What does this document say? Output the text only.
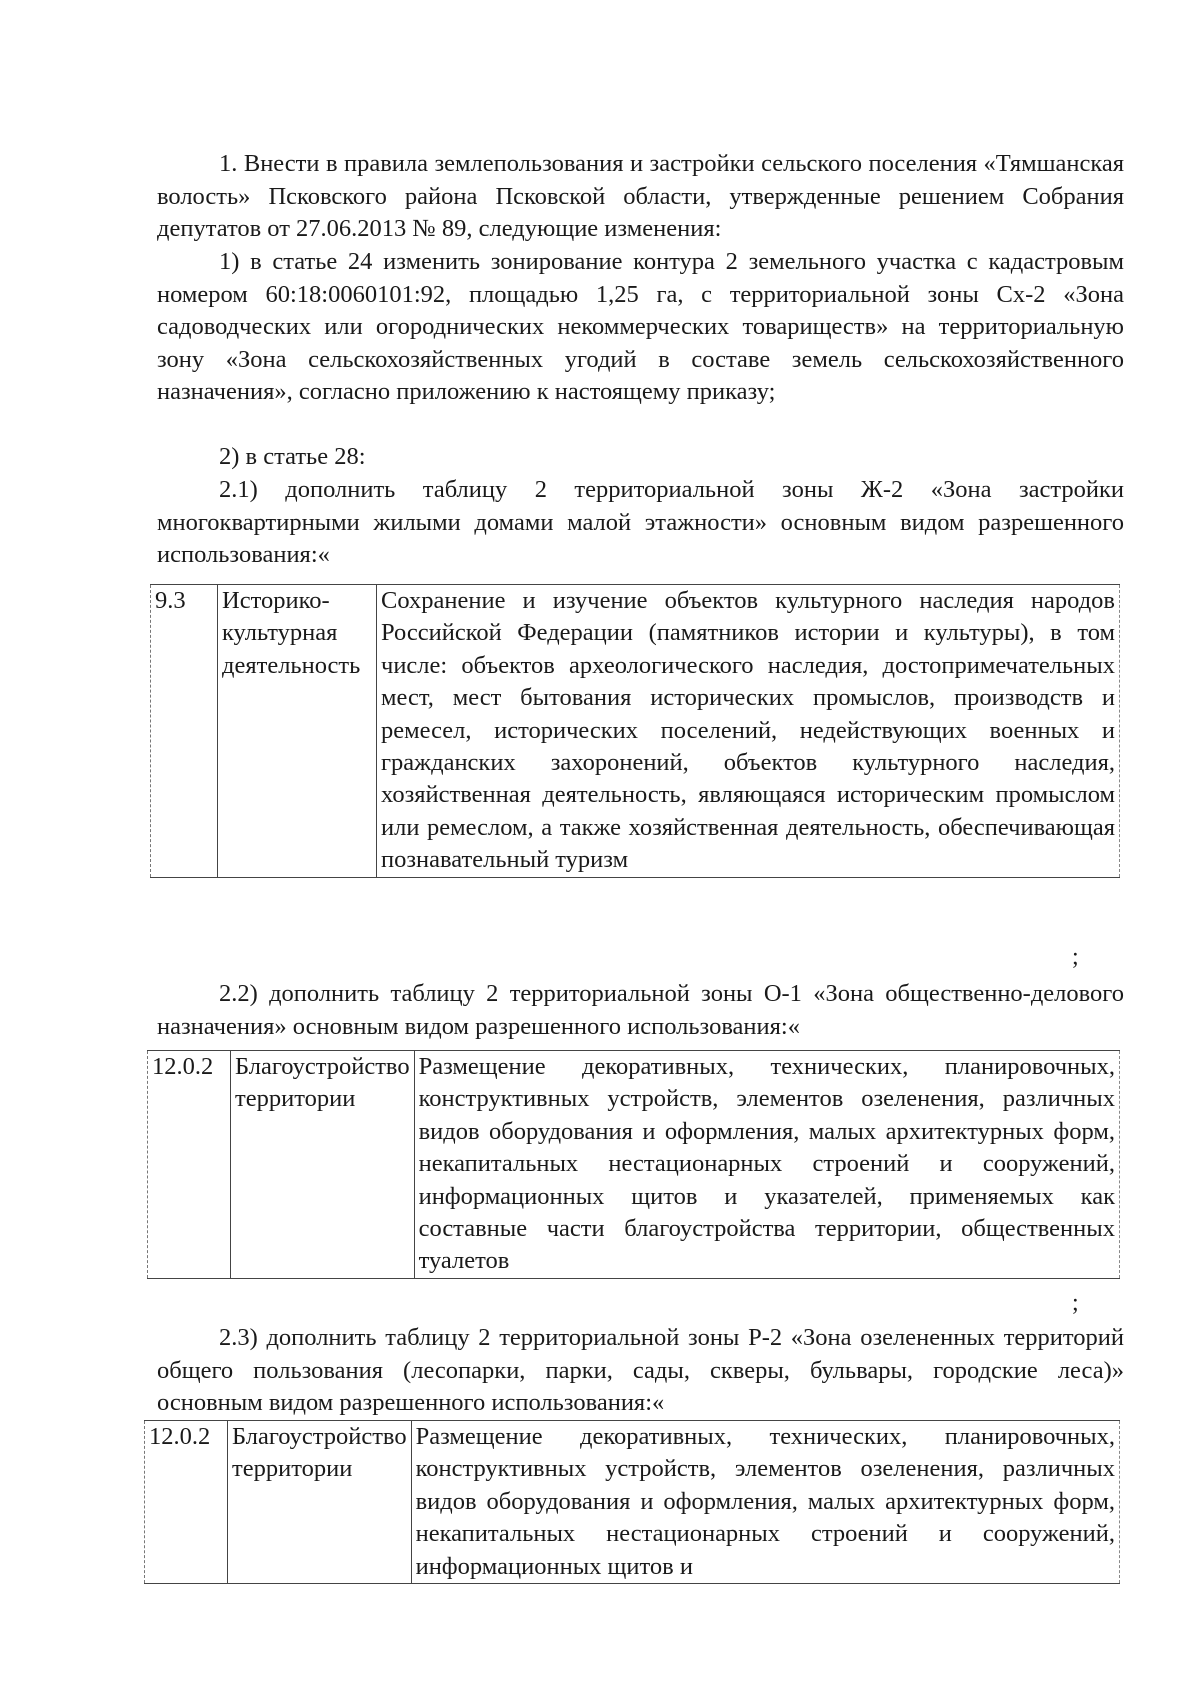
1. Внести в правила землепользования и застройки сельского поселения «Тямшанская волость» Псковского района Псковской области, утвержденные решением Собрания депутатов от 27.06.2013 № 89, следующие изменения:

1) в статье 24 изменить зонирование контура 2 земельного участка с кадастровым номером 60:18:0060101:92, площадью 1,25 га, с территориальной зоны Сх-2 «Зона садоводческих или огороднических некоммерческих товариществ» на территориальную зону «Зона сельскохозяйственных угодий в составе земель сельскохозяйственного назначения», согласно приложению к настоящему приказу;

2) в статье 28:

2.1) дополнить таблицу 2 территориальной зоны Ж-2 «Зона застройки многоквартирными жилыми домами малой этажности» основным видом разрешенного использования:«

9.3	Историко-культурная деятельность	Сохранение и изучение объектов культурного наследия народов Российской Федерации (памятников истории и культуры), в том числе: объектов археологического наследия, достопримечательных мест, мест бытования исторических промыслов, производств и ремесел, исторических поселений, недействующих военных и гражданских захоронений, объектов культурного наследия, хозяйственная деятельность, являющаяся историческим промыслом или ремеслом, а также хозяйственная деятельность, обеспечивающая познавательный туризм
;

2.2) дополнить таблицу 2 территориальной зоны О-1 «Зона общественно-делового назначения» основным видом разрешенного использования:«

12.0.2	Благоустройство территории	Размещение декоративных, технических, планировочных, конструктивных устройств, элементов озеленения, различных видов оборудования и оформления, малых архитектурных форм, некапитальных нестационарных строений и сооружений, информационных щитов и указателей, применяемых как составные части благоустройства территории, общественных туалетов
;

2.3) дополнить таблицу 2 территориальной зоны Р-2 «Зона озелененных территорий общего пользования (лесопарки, парки, сады, скверы, бульвары, городские леса)» основным видом разрешенного использования:«

12.0.2	Благоустройство территории	Размещение декоративных, технических, планировочных, конструктивных устройств, элементов озеленения, различных видов оборудования и оформления, малых архитектурных форм, некапитальных нестационарных строений и сооружений, информационных щитов и
